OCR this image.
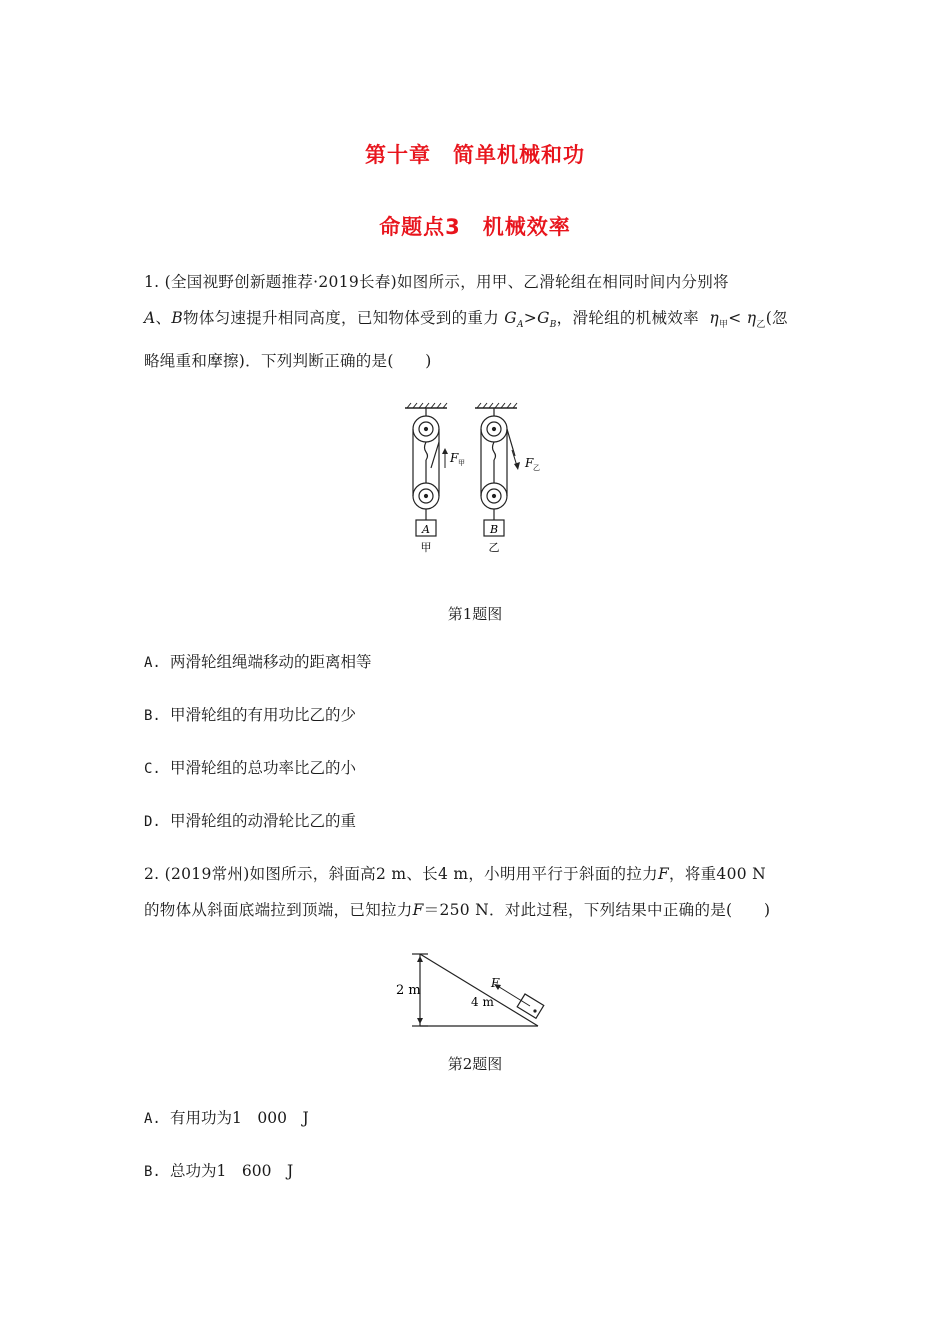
第十章　简单机械和功
命题点3　机械效率
1. (全国视野创新题推荐·2019长春)如图所示，用甲、乙滑轮组在相同时间内分别将
A、B物体匀速提升相同高度，已知物体受到的重力 $G_A>G_B$，滑轮组的机械效率 $\eta_甲< \eta_乙$(忽
略绳重和摩擦)．下列判断正确的是(　　)
F 甲
A
甲
F 乙
B
乙
第1题图
A. 两滑轮组绳端移动的距离相等
B. 甲滑轮组的有用功比乙的少
C. 甲滑轮组的总功率比乙的小
D. 甲滑轮组的动滑轮比乙的重
2. (2019常州)如图所示，斜面高2 m、长4 m，小明用平行于斜面的拉力F，将重400 N
的物体从斜面底端拉到顶端，已知拉力F＝250 N．对此过程，下列结果中正确的是(　　)
2 m	F
4 m
第2题图
A. 有用功为1　000　J
B. 总功为1　600　J
